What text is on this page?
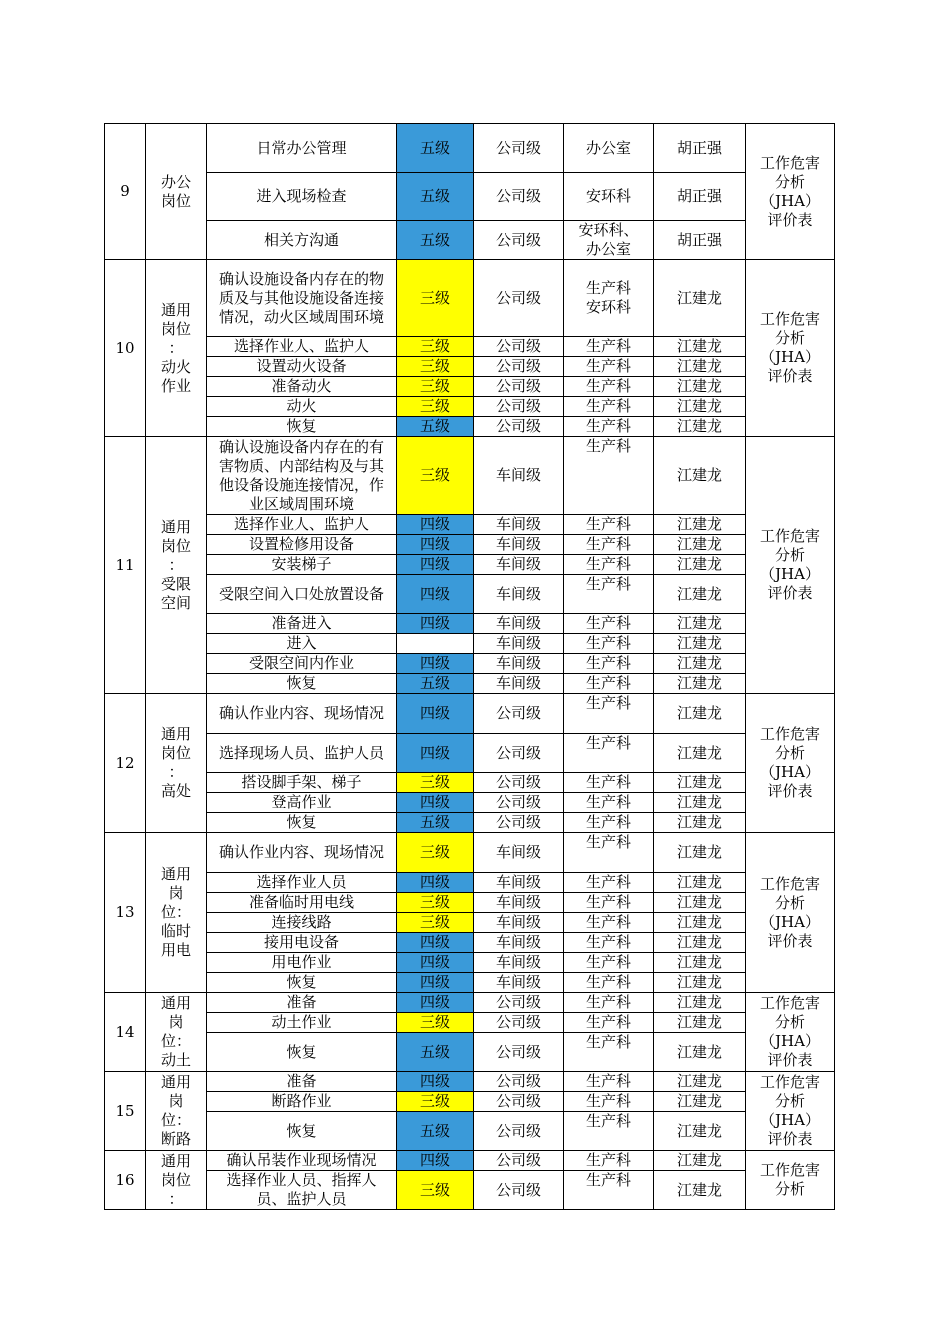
9	办公
岗位	日常办公管理	五级	公司级	办公室	胡正强	工作危害
分析
（JHA）
评价表
		进入现场检查	五级	公司级	安环科	胡正强	
		相关方沟通	五级	公司级	安环科、
办公室	胡正强	
10	通用
岗位
：
动火
作业	确认设施设备内存在的物质及与其他设施设备连接情况，动火区域周围环境	三级	公司级	生产科
安环科	江建龙	工作危害
分析
（JHA）
评价表
		选择作业人、监护人	三级	公司级	生产科	江建龙	
		设置动火设备	三级	公司级	生产科	江建龙	
		准备动火	三级	公司级	生产科	江建龙	
		动火	三级	公司级	生产科	江建龙	
		恢复	五级	公司级	生产科	江建龙	
11	通用
岗位
：
受限
空间	确认设施设备内存在的有害物质、内部结构及与其他设备设施连接情况，作业区域周围环境	三级	车间级	生产科	江建龙	工作危害
分析
（JHA）
评价表
		选择作业人、监护人	四级	车间级	生产科	江建龙	
		设置检修用设备	四级	车间级	生产科	江建龙	
		安装梯子	四级	车间级	生产科	江建龙	
		受限空间入口处放置设备	四级	车间级	生产科	江建龙	
		准备进入	四级	车间级	生产科	江建龙	
		进入		车间级	生产科	江建龙	
		受限空间内作业	四级	车间级	生产科	江建龙	
		恢复	五级	车间级	生产科	江建龙	
12	通用
岗位
：
高处	确认作业内容、现场情况	四级	公司级	生产科	江建龙	工作危害
分析
（JHA）
评价表
		选择现场人员、监护人员	四级	公司级	生产科	江建龙	
		搭设脚手架、梯子	三级	公司级	生产科	江建龙	
		登高作业	四级	公司级	生产科	江建龙	
		恢复	五级	公司级	生产科	江建龙	
13	通用
岗
位：
临时
用电	确认作业内容、现场情况	三级	车间级	生产科	江建龙	工作危害
分析
（JHA）
评价表
		选择作业人员	四级	车间级	生产科	江建龙	
		准备临时用电线	三级	车间级	生产科	江建龙	
		连接线路	三级	车间级	生产科	江建龙	
		接用电设备	四级	车间级	生产科	江建龙	
		用电作业	四级	车间级	生产科	江建龙	
		恢复	四级	车间级	生产科	江建龙	
14	通用
岗
位：
动土	准备	四级	公司级	生产科	江建龙	工作危害
分析
（JHA）
评价表
		动土作业	三级	公司级	生产科	江建龙	
		恢复	五级	公司级	生产科	江建龙	
15	通用
岗
位：
断路	准备	四级	公司级	生产科	江建龙	工作危害
分析
（JHA）
评价表
		断路作业	三级	公司级	生产科	江建龙	
		恢复	五级	公司级	生产科	江建龙	
16	通用
岗位
：	确认吊装作业现场情况	四级	公司级	生产科	江建龙	工作危害
分析
		选择作业人员、指挥人员、监护人员	三级	公司级	生产科	江建龙	
